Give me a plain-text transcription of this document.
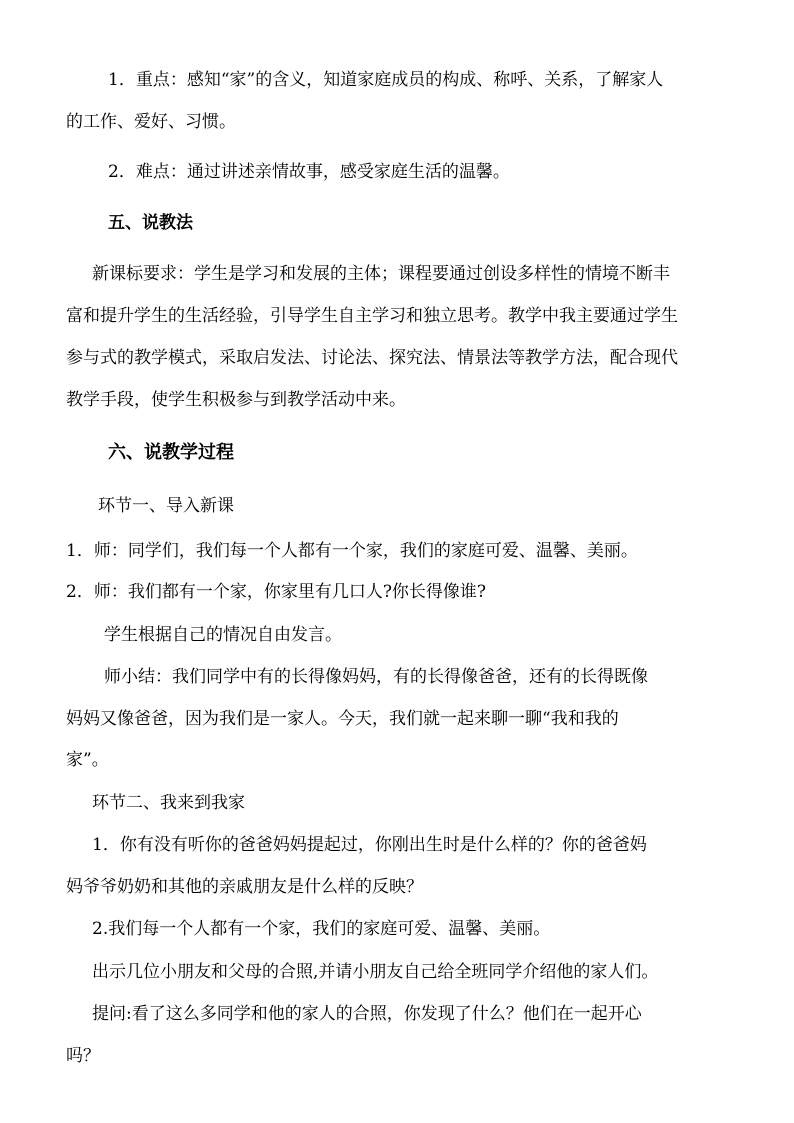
1．重点：感知“家”的含义，知道家庭成员的构成、称呼、关系，了解家人
的工作、爱好、习惯。
2．难点：通过讲述亲情故事，感受家庭生活的温馨。
五、说教法
新课标要求：学生是学习和发展的主体；课程要通过创设多样性的情境不断丰
富和提升学生的生活经验，引导学生自主学习和独立思考。教学中我主要通过学生
参与式的教学模式，采取启发法、讨论法、探究法、情景法等教学方法，配合现代
教学手段，使学生积极参与到教学活动中来。
六、说教学过程
环节一、导入新课
1．师：同学们，我们每一个人都有一个家，我们的家庭可爱、温馨、美丽。
2．师：我们都有一个家，你家里有几口人?你长得像谁?
学生根据自己的情况自由发言。
师小结：我们同学中有的长得像妈妈，有的长得像爸爸，还有的长得既像
妈妈又像爸爸，因为我们是一家人。今天，我们就一起来聊一聊“我和我的
家”。
环节二、我来到我家
1．你有没有听你的爸爸妈妈提起过，你刚出生时是什么样的？你的爸爸妈
妈爷爷奶奶和其他的亲戚朋友是什么样的反映？
2.我们每一个人都有一个家，我们的家庭可爱、温馨、美丽。
出示几位小朋友和父母的合照,并请小朋友自己给全班同学介绍他的家人们。
提问:看了这么多同学和他的家人的合照，你发现了什么？他们在一起开心
吗？
